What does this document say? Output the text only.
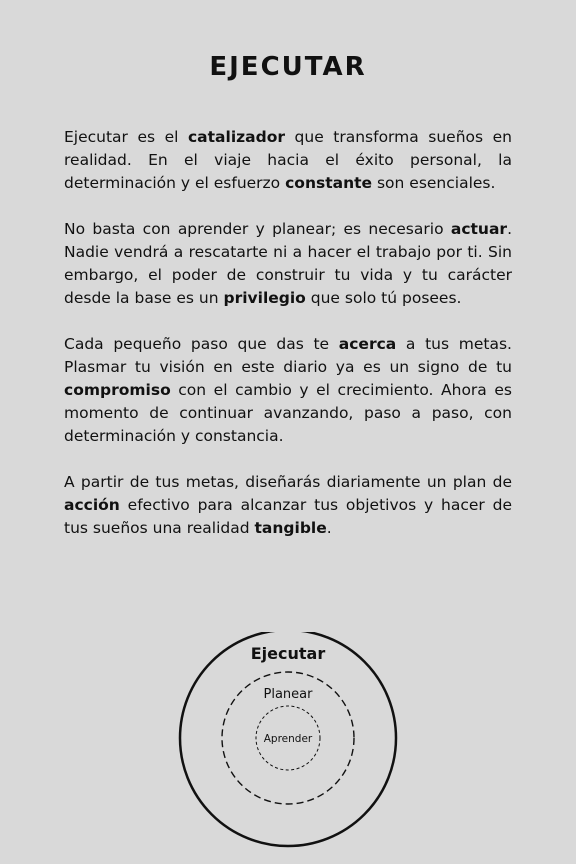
EJECUTAR

Ejecutar es el catalizador que transforma sueños en realidad. En el viaje hacia el éxito personal, la determinación y el esfuerzo constante son esenciales.

No basta con aprender y planear; es necesario actuar. Nadie vendrá a rescatarte ni a hacer el trabajo por ti. Sin embargo, el poder de construir tu vida y tu carácter desde la base es un privilegio que solo tú posees.

Cada pequeño paso que das te acerca a tus metas. Plasmar tu visión en este diario ya es un signo de tu compromiso con el cambio y el crecimiento. Ahora es momento de continuar avanzando, paso a paso, con determinación y constancia.

A partir de tus metas, diseñarás diariamente un plan de acción efectivo para alcanzar tus objetivos y hacer de tus sueños una realidad tangible.

Ejecutar
Planear
Aprender
